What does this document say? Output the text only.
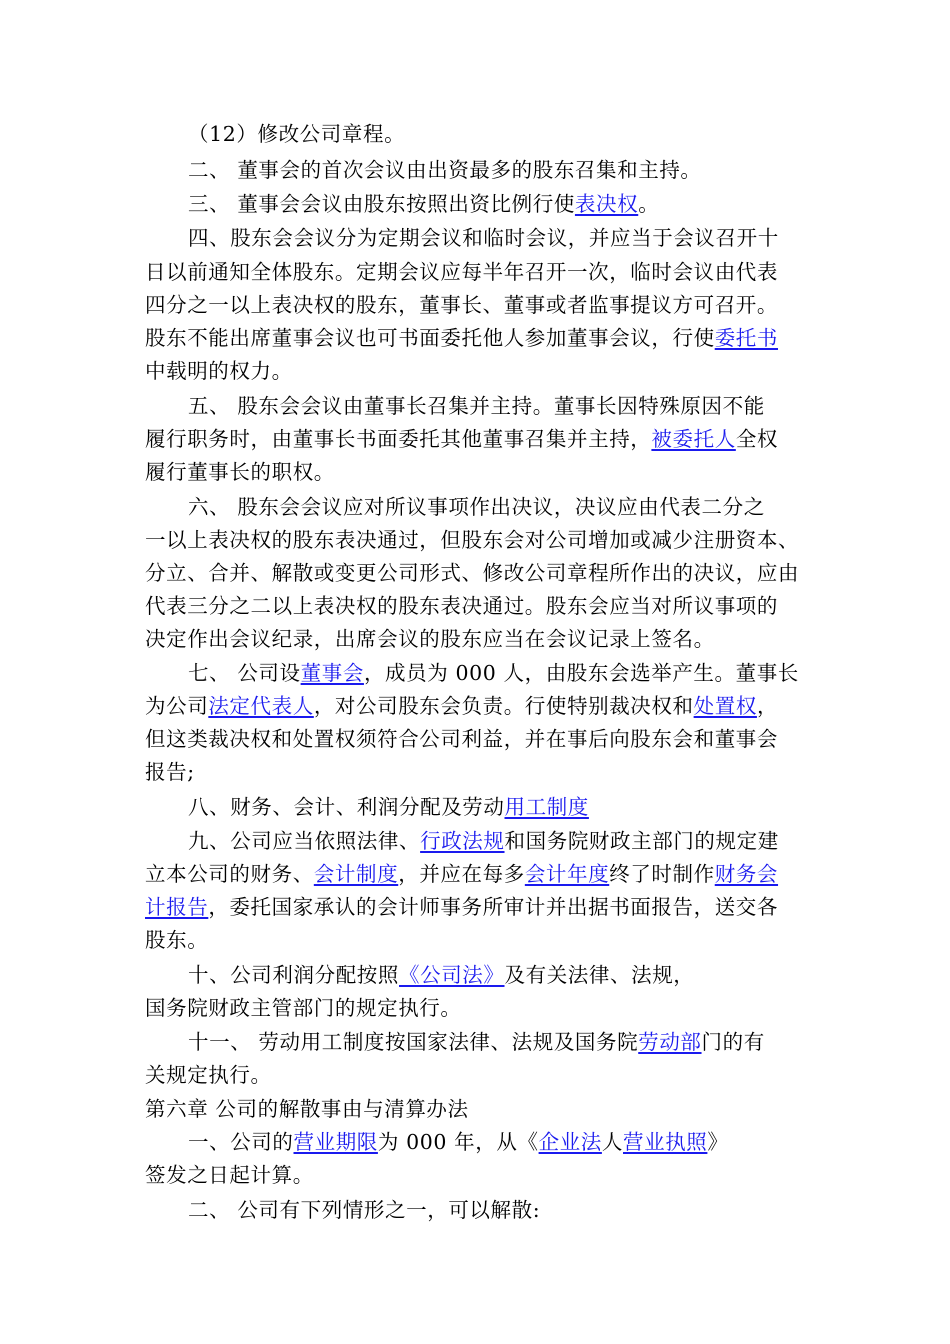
（12）修改公司章程。
二、 董事会的首次会议由出资最多的股东召集和主持。
三、 董事会会议由股东按照出资比例行使表决权。
四、股东会会议分为定期会议和临时会议，并应当于会议召开十
日以前通知全体股东。定期会议应每半年召开一次，临时会议由代表
四分之一以上表决权的股东，董事长、董事或者监事提议方可召开。
股东不能出席董事会议也可书面委托他人参加董事会议，行使委托书
中载明的权力。
五、 股东会会议由董事长召集并主持。董事长因特殊原因不能
履行职务时，由董事长书面委托其他董事召集并主持，被委托人全权
履行董事长的职权。
六、 股东会会议应对所议事项作出决议，决议应由代表二分之
一以上表决权的股东表决通过，但股东会对公司增加或减少注册资本、
分立、合并、解散或变更公司形式、修改公司章程所作出的决议，应由
代表三分之二以上表决权的股东表决通过。股东会应当对所议事项的
决定作出会议纪录，出席会议的股东应当在会议记录上签名。
七、 公司设董事会，成员为 000 人，由股东会选举产生。董事长
为公司法定代表人，对公司股东会负责。行使特别裁决权和处置权，
但这类裁决权和处置权须符合公司利益，并在事后向股东会和董事会
报告;
八、财务、会计、利润分配及劳动用工制度
九、公司应当依照法律、行政法规和国务院财政主部门的规定建
立本公司的财务、会计制度，并应在每多会计年度终了时制作财务会
计报告，委托国家承认的会计师事务所审计并出据书面报告，送交各
股东。
十、公司利润分配按照《公司法》及有关法律、法规，
国务院财政主管部门的规定执行。
十一、 劳动用工制度按国家法律、法规及国务院劳动部门的有
关规定执行。
第六章 公司的解散事由与清算办法
一、公司的营业期限为 000 年，从《企业法人营业执照》
签发之日起计算。
二、 公司有下列情形之一，可以解散:
